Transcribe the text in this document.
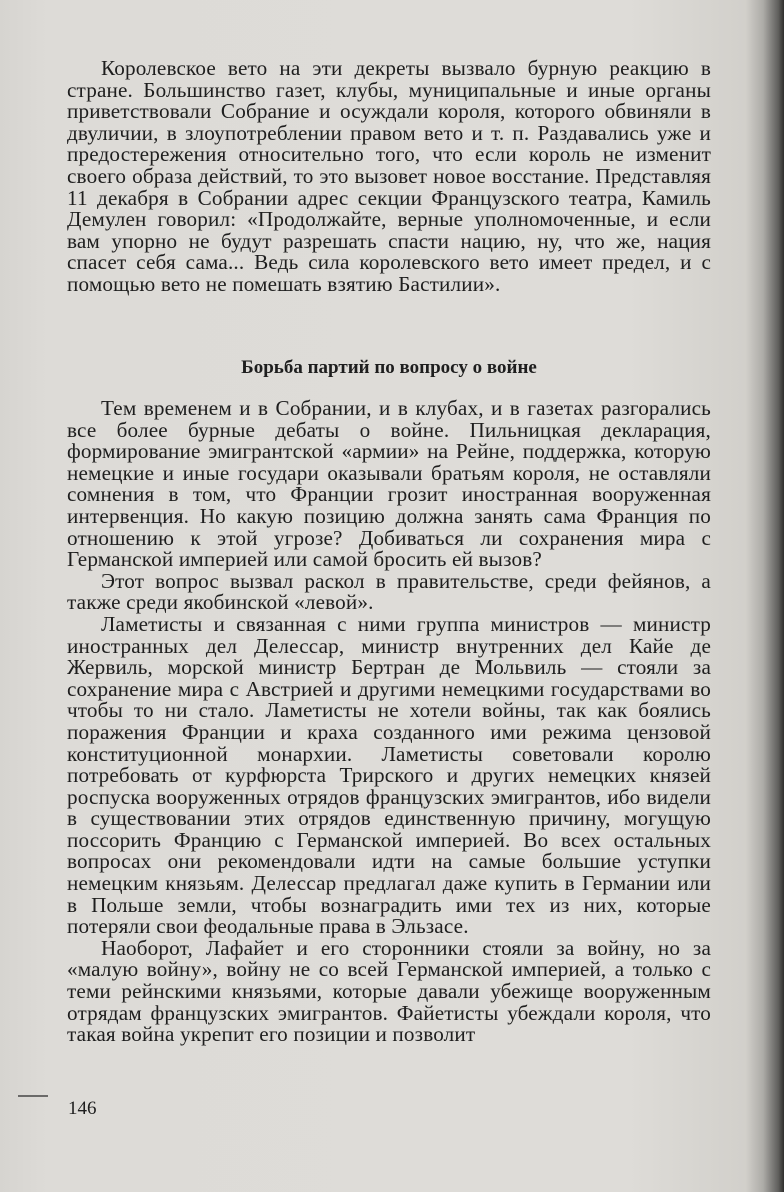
Королевское вето на эти декреты вызвало бурную реакцию в стране. Большинство газет, клубы, муниципальные и иные органы приветствовали Собрание и осуждали короля, которого обвиняли в двуличии, в злоупотреблении правом вето и т. п. Раздавались уже и предостережения относительно того, что если король не изменит своего образа действий, то это вызовет новое восстание. Представляя 11 декабря в Собрании адрес секции Французского театра, Камиль Демулен говорил: «Продолжайте, верные уполномоченные, и если вам упорно не будут разрешать спасти нацию, ну, что же, нация спасет себя сама... Ведь сила королевского вето имеет предел, и с помощью вето не помешать взятию Бастилии».

Борьба партий по вопросу о войне

Тем временем и в Собрании, и в клубах, и в газетах разгорались все более бурные дебаты о войне. Пильницкая декларация, формирование эмигрантской «армии» на Рейне, поддержка, которую немецкие и иные государи оказывали братьям короля, не оставляли сомнения в том, что Франции грозит иностранная вооруженная интервенция. Но какую позицию должна занять сама Франция по отношению к этой угрозе? Добиваться ли сохранения мира с Германской империей или самой бросить ей вызов?

Этот вопрос вызвал раскол в правительстве, среди фейянов, а также среди якобинской «левой».

Ламетисты и связанная с ними группа министров — министр иностранных дел Делессар, министр внутренних дел Кайе де Жервиль, морской министр Бертран де Мольвиль — стояли за сохранение мира с Австрией и другими немецкими государствами во чтобы то ни стало. Ламетисты не хотели войны, так как боялись поражения Франции и краха созданного ими режима цензовой конституционной монархии. Ламетисты советовали королю потребовать от курфюрста Трирского и других немецких князей роспуска вооруженных отрядов французских эмигрантов, ибо видели в существовании этих отрядов единственную причину, могущую поссорить Францию с Германской империей. Во всех остальных вопросах они рекомендовали идти на самые большие уступки немецким князьям. Делессар предлагал даже купить в Германии или в Польше земли, чтобы вознаградить ими тех из них, которые потеряли свои феодальные права в Эльзасе.

Наоборот, Лафайет и его сторонники стояли за войну, но за «малую войну», войну не со всей Германской империей, а только с теми рейнскими князьями, которые давали убежище вооруженным отрядам французских эмигрантов. Файетисты убеждали короля, что такая война укрепит его позиции и позволит

146
